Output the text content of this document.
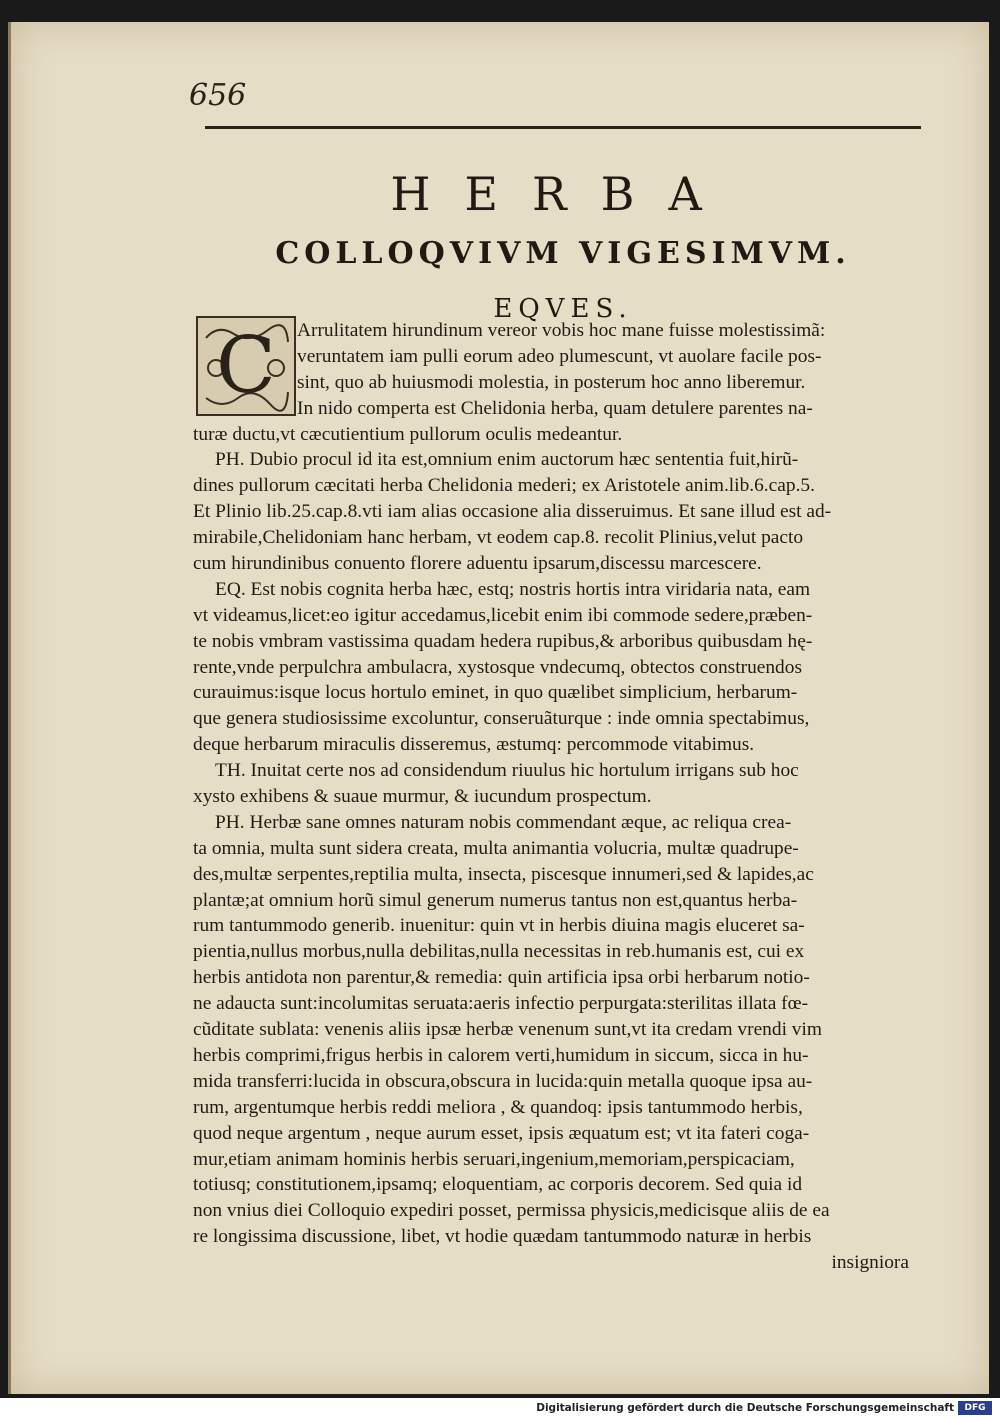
656
HERBA
COLLOQVIVM VIGESIMVM.
EQVES.
C	Arrulitatem hirundinum vereor vobis hoc mane fuisse molestissimã:
veruntatem iam pulli eorum adeo plumescunt, vt auolare facile pos-
sint, quo ab huiusmodi molestia, in posterum hoc anno liberemur.
In nido comperta est Chelidonia herba, quam detulere parentes na-
turæ ductu,vt cæcutientium pullorum oculis medeantur.
PH. Dubio procul id ita est,omnium enim auctorum hæc sententia fuit,hirũ-
dines pullorum cæcitati herba Chelidonia mederi; ex Aristotele anim.lib.6.cap.5.
Et Plinio lib.25.cap.8.vti iam alias occasione alia disseruimus. Et sane illud est ad-
mirabile,Chelidoniam hanc herbam, vt eodem cap.8. recolit Plinius,velut pacto
cum hirundinibus conuento florere aduentu ipsarum,discessu marcescere.
EQ. Est nobis cognita herba hæc, estq; nostris hortis intra viridaria nata, eam
vt videamus,licet:eo igitur accedamus,licebit enim ibi commode sedere,præben-
te nobis vmbram vastissima quadam hedera rupibus,& arboribus quibusdam hę-
rente,vnde perpulchra ambulacra, xystosque vndecumq, obtectos construendos
curauimus:isque locus hortulo eminet, in quo quælibet simplicium, herbarum-
que genera studiosissime excoluntur, conseruãturque : inde omnia spectabimus,
deque herbarum miraculis disseremus, æstumq: percommode vitabimus.
TH. Inuitat certe nos ad considendum riuulus hic hortulum irrigans sub hoc
xysto exhibens & suaue murmur, & iucundum prospectum.
PH. Herbæ sane omnes naturam nobis commendant æque, ac reliqua crea-
ta omnia, multa sunt sidera creata, multa animantia volucria, multæ quadrupe-
des,multæ serpentes,reptilia multa, insecta, piscesque innumeri,sed & lapides,ac
plantæ;at omnium horũ simul generum numerus tantus non est,quantus herba-
rum tantummodo generib. inuenitur: quin vt in herbis diuina magis eluceret sa-
pientia,nullus morbus,nulla debilitas,nulla necessitas in reb.humanis est, cui ex
herbis antidota non parentur,& remedia: quin artificia ipsa orbi herbarum notio-
ne adaucta sunt:incolumitas seruata:aeris infectio perpurgata:sterilitas illata fœ-
cũditate sublata: venenis aliis ipsæ herbæ venenum sunt,vt ita credam vrendi vim
herbis comprimi,frigus herbis in calorem verti,humidum in siccum, sicca in hu-
mida transferri:lucida in obscura,obscura in lucida:quin metalla quoque ipsa au-
rum, argentumque herbis reddi meliora , & quandoq: ipsis tantummodo herbis,
quod neque argentum , neque aurum esset, ipsis æquatum est; vt ita fateri coga-
mur,etiam animam hominis herbis seruari,ingenium,memoriam,perspicaciam,
totiusq; constitutionem,ipsamq; eloquentiam, ac corporis decorem. Sed quia id
non vnius diei Colloquio expediri posset, permissa physicis,medicisque aliis de ea
re longissima discussione, libet, vt hodie quædam tantummodo naturæ in herbis
insigniora
Digitalisierung gefördert durch die Deutsche Forschungsgemeinschaft	DFG
